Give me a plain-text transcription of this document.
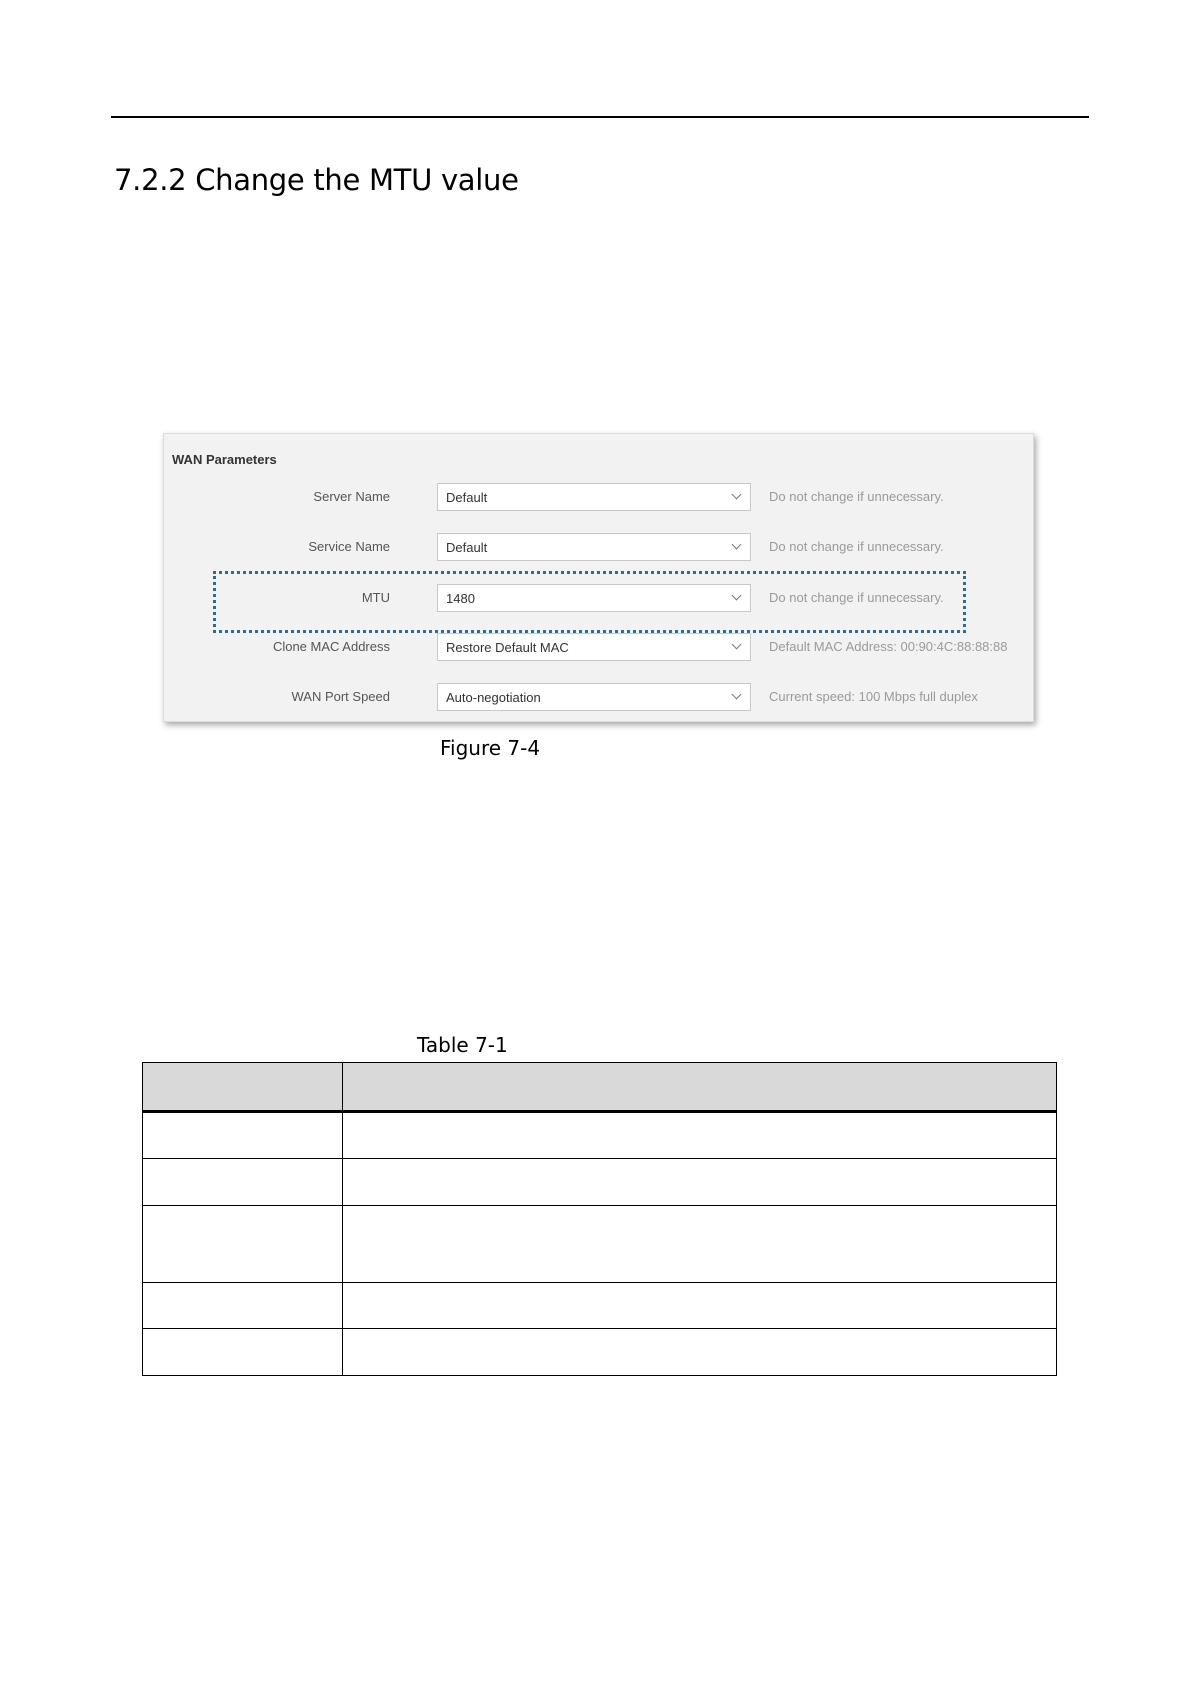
7.2.2 Change the MTU value
WAN Parameters
Server Name	Default	Do not change if unnecessary.
Service Name	Default	Do not change if unnecessary.
MTU	1480	Do not change if unnecessary.
Clone MAC Address	Restore Default MAC	Default MAC Address: 00:90:4C:88:88:88
WAN Port Speed	Auto-negotiation	Current speed: 100 Mbps full duplex

Figure 7-4

Table 7-1
